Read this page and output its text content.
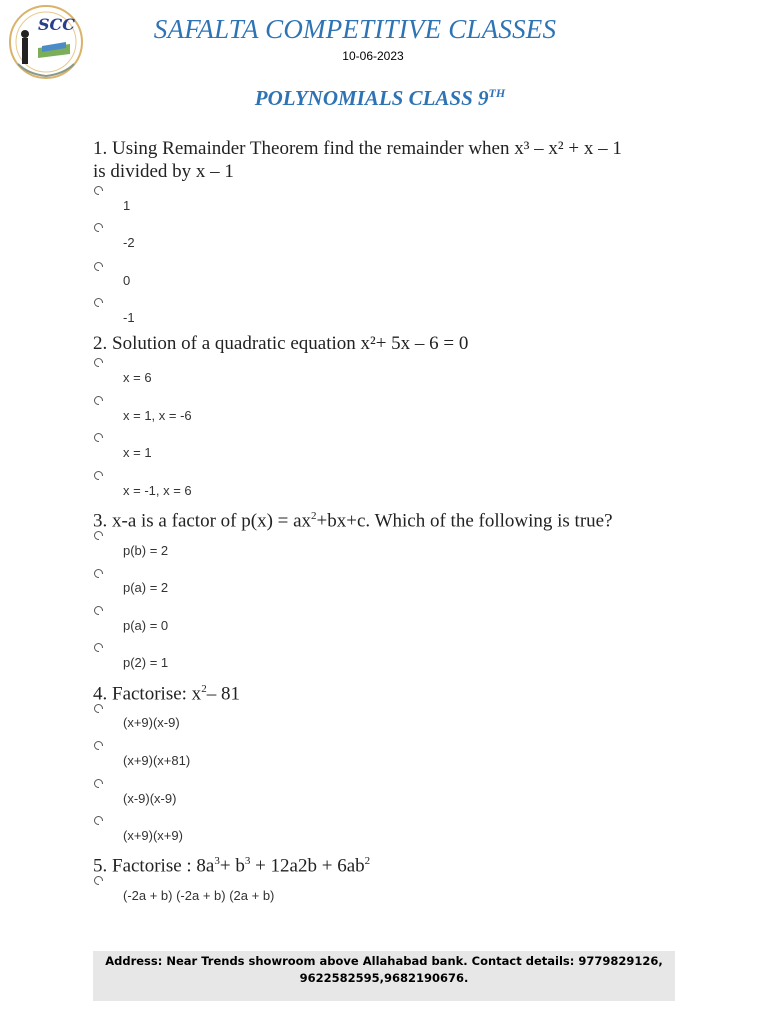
SCC	SAFALTA COMPETITIVE CLASSES
10-06-2023
POLYNOMIALS CLASS 9TH
1. Using Remainder Theorem find the remainder when x³ – x² + x – 1
is divided by x – 1
1
-2
0
-1
2. Solution of a quadratic equation x²+ 5x – 6 = 0
x = 6
x = 1, x = -6
x = 1
x = -1, x = 6
3. x-a is a factor of $p(x) = ax^2+bx+c$. Which of the following is true?
p(b) = 2
p(a) = 2
p(a) = 0
p(2) = 1
4. Factorise: $x^2-$ 81
(x+9)(x-9)
(x+9)(x+81)
(x-9)(x-9)
(x+9)(x+9)
5. Factorise : $8a^3+ b^3 + 12a2b + 6ab^2$
(-2a + b) (-2a + b) (2a + b)
Address: Near Trends showroom above Allahabad bank. Contact details: 9779829126,
9622582595,9682190676.
